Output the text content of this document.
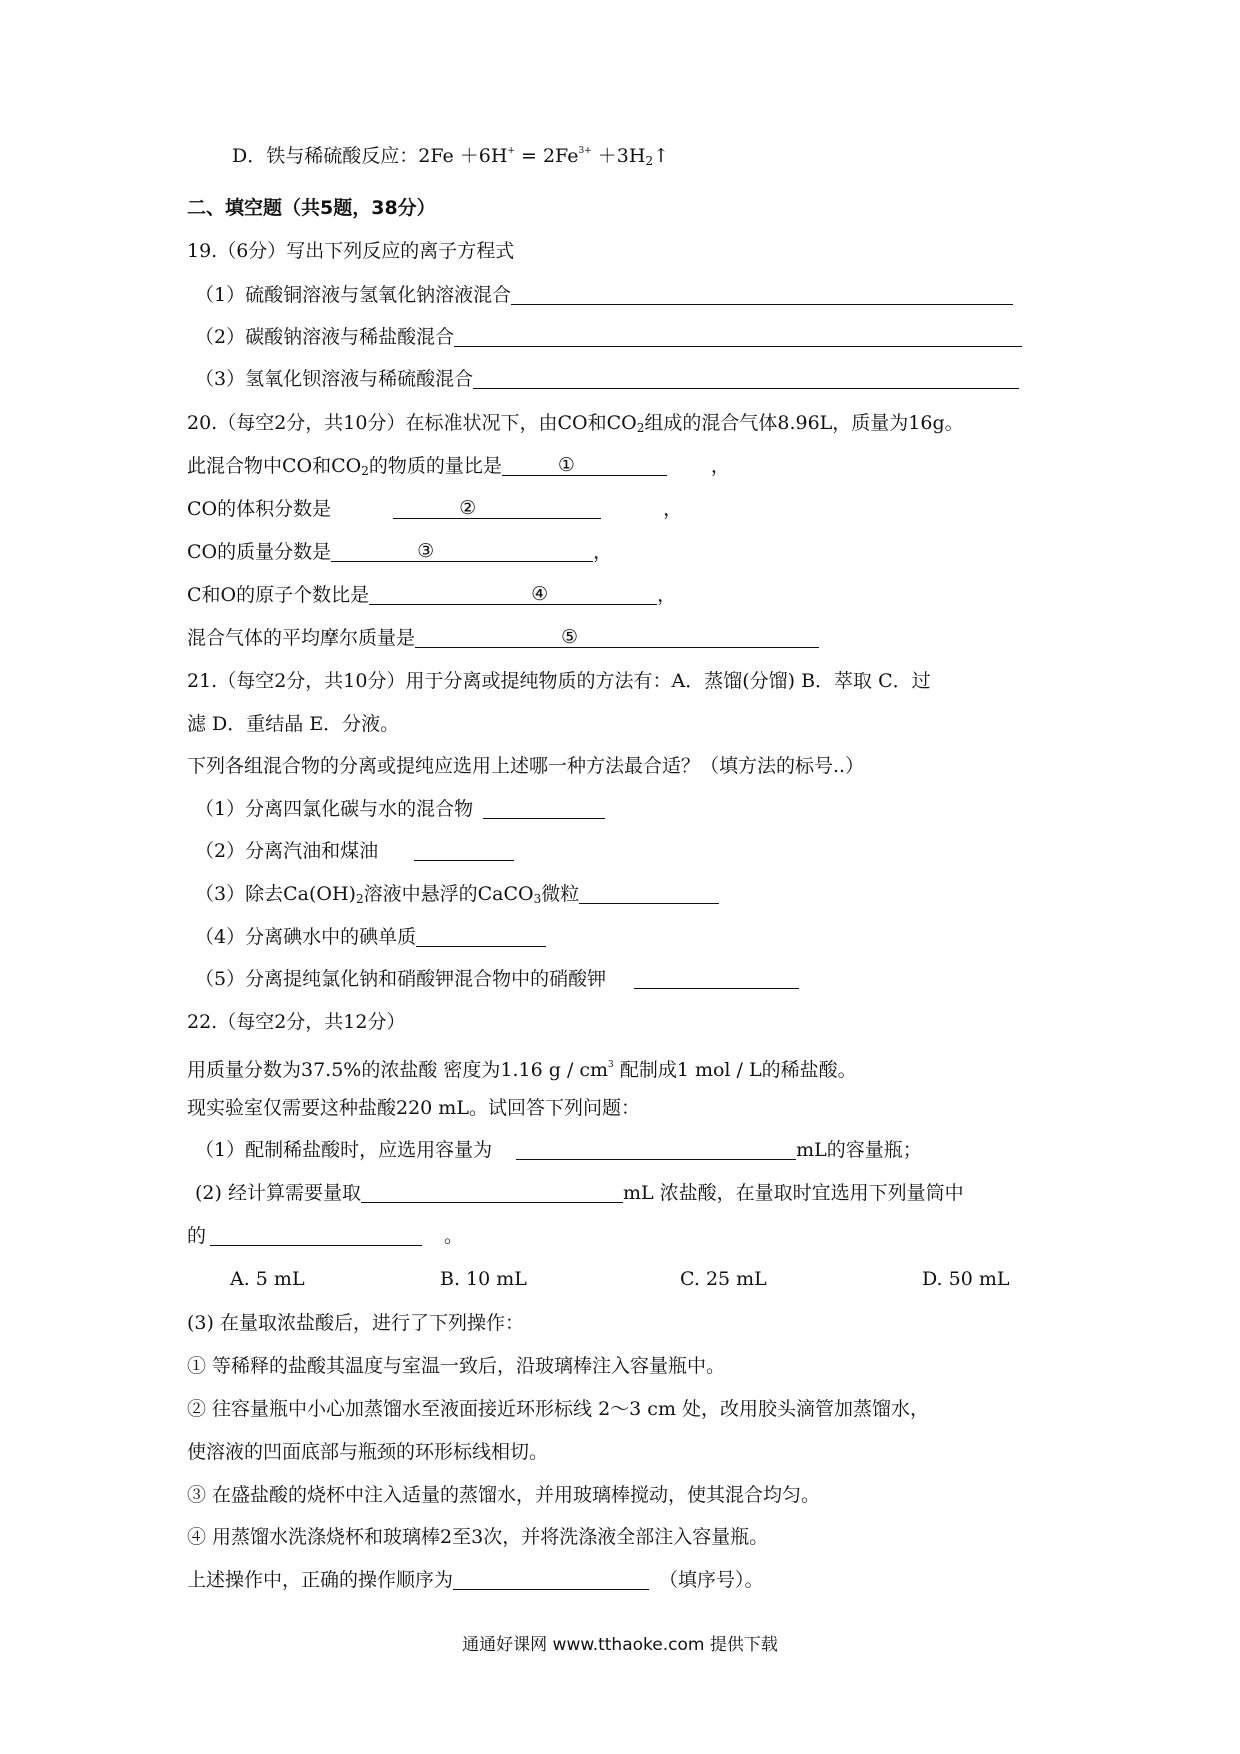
D．铁与稀硫酸反应：$2Fe +6H^+ = 2Fe^{3+}$ $+3H_2↑$
二、填空题（共5题，38分）
19.（6分）写出下列反应的离子方程式
（1）硫酸铜溶液与氢氧化钠溶液混合
（2）碳酸钠溶液与稀盐酸混合
（3）氢氧化钡溶液与稀硫酸混合
20.（每空2分，共10分）在标准状况下，由CO和$CO_2$组成的混合气体8.96L，质量为16g。
此混合物中CO和$CO_2$的物质的量比是	①	，
CO的体积分数是	②	，
CO的质量分数是	③	，
C和O的原子个数比是	④	，
混合气体的平均摩尔质量是	⑤
21.（每空2分，共10分）用于分离或提纯物质的方法有：A．蒸馏(分馏) B．萃取 C．过
滤 D．重结晶 E．分液。
下列各组混合物的分离或提纯应选用上述哪一种方法最合适？（填方法的标号..）
（1）分离四氯化碳与水的混合物
（2）分离汽油和煤油
（3）除去$Ca(OH)_2$溶液中悬浮的CaCO$_3$微粒
（4）分离碘水中的碘单质
（5）分离提纯氯化钠和硝酸钾混合物中的硝酸钾
22.（每空2分，共12分）
用质量分数为37.5%的浓盐酸 密度为1.16 g / $cm^3$ 配制成1 mol / L的稀盐酸。
现实验室仅需要这种盐酸220 mL。试回答下列问题：
（1）配制稀盐酸时，应选用容量为	mL的容量瓶；
(2) 经计算需要量取	mL 浓盐酸，在量取时宜选用下列量筒中
的	。
A. 5 mL	B. 10 mL	C. 25 mL	D. 50 mL
(3) 在量取浓盐酸后，进行了下列操作：
① 等稀释的盐酸其温度与室温一致后，沿玻璃棒注入容量瓶中。
② 往容量瓶中小心加蒸馏水至液面接近环形标线 2～3 cm 处，改用胶头滴管加蒸馏水，
使溶液的凹面底部与瓶颈的环形标线相切。
③ 在盛盐酸的烧杯中注入适量的蒸馏水，并用玻璃棒搅动，使其混合均匀。
④ 用蒸馏水洗涤烧杯和玻璃棒2至3次，并将洗涤液全部注入容量瓶。
上述操作中，正确的操作顺序为	（填序号）。
通通好课网 www.tthaoke.com 提供下载
